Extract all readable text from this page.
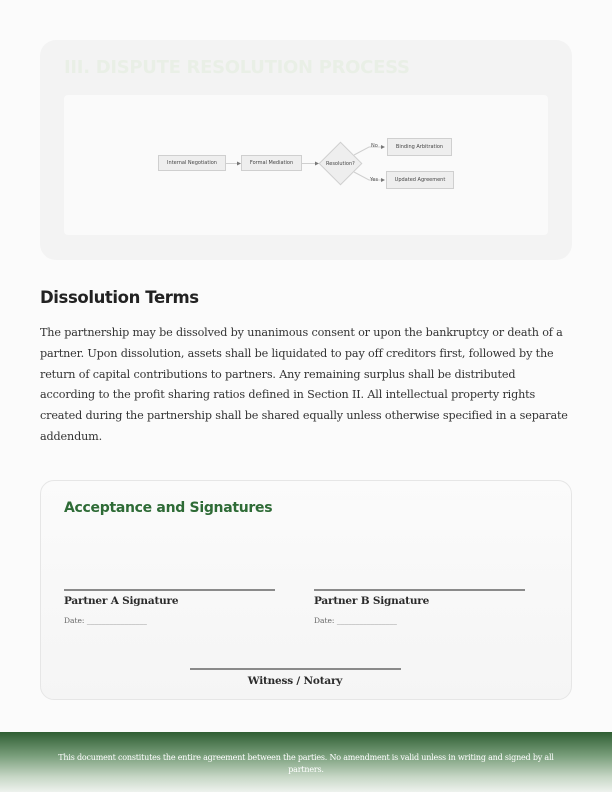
III. DISPUTE RESOLUTION PROCESS
Internal Negotiation	Formal Mediation	Resolution?
No
Yes
Binding Arbitration
Updated Agreement
Dissolution Terms

The partnership may be dissolved by unanimous consent or upon the bankruptcy or death of a partner. Upon dissolution, assets shall be liquidated to pay off creditors first, followed by the return of capital contributions to partners. Any remaining surplus shall be distributed according to the profit sharing ratios defined in Section II. All intellectual property rights created during the partnership shall be shared equally unless otherwise specified in a separate addendum.

Acceptance and Signatures
Partner A Signature
Date: ________________
Partner B Signature
Date: ________________
Witness / Notary
This document constitutes the entire agreement between the parties. No amendment is valid unless in writing and signed by all partners.
